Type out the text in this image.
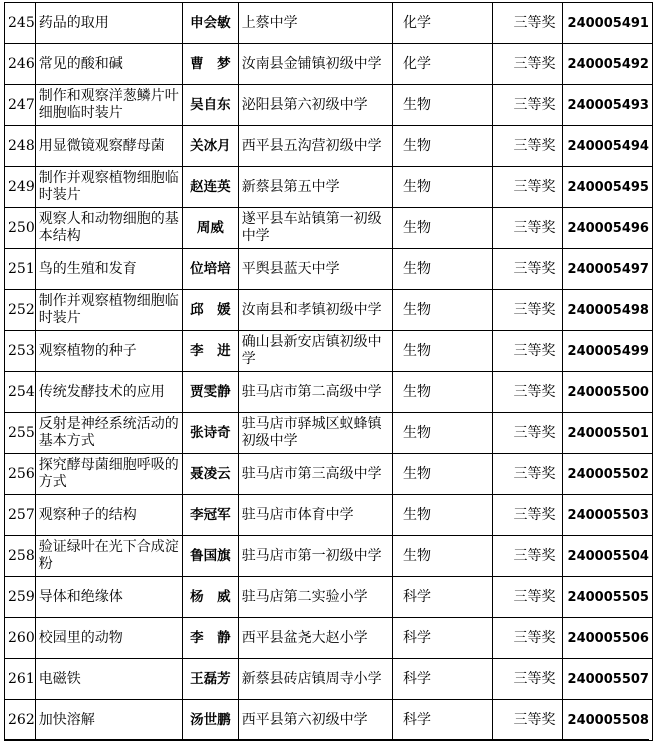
245	药品的取用	申会敏	上蔡中学	化学	三等奖	240005491
246	常见的酸和碱	曹　梦	汝南县金铺镇初级中学	化学	三等奖	240005492
247	制作和观察洋葱鳞片叶细胞临时装片	吴自东	泌阳县第六初级中学	生物	三等奖	240005493
248	用显微镜观察酵母菌	关冰月	西平县五沟营初级中学	生物	三等奖	240005494
249	制作并观察植物细胞临时装片	赵连英	新蔡县第五中学	生物	三等奖	240005495
250	观察人和动物细胞的基本结构	周威	遂平县车站镇第一初级中学	生物	三等奖	240005496
251	鸟的生殖和发育	位培培	平舆县蓝天中学	生物	三等奖	240005497
252	制作并观察植物细胞临时装片	邱　媛	汝南县和孝镇初级中学	生物	三等奖	240005498
253	观察植物的种子	李　进	确山县新安店镇初级中学	生物	三等奖	240005499
254	传统发酵技术的应用	贾雯静	驻马店市第二高级中学	生物	三等奖	240005500
255	反射是神经系统活动的基本方式	张诗奇	驻马店市驿城区蚁蜂镇初级中学	生物	三等奖	240005501
256	探究酵母菌细胞呼吸的方式	聂凌云	驻马店市第三高级中学	生物	三等奖	240005502
257	观察种子的结构	李冠军	驻马店市体育中学	生物	三等奖	240005503
258	验证绿叶在光下合成淀粉	鲁国旗	驻马店市第一初级中学	生物	三等奖	240005504
259	导体和绝缘体	杨　威	驻马店第二实验小学	科学	三等奖	240005505
260	校园里的动物	李　静	西平县盆尧大赵小学	科学	三等奖	240005506
261	电磁铁	王磊芳	新蔡县砖店镇周寺小学	科学	三等奖	240005507
262	加快溶解	汤世鹏	西平县第六初级中学	科学	三等奖	240005508
